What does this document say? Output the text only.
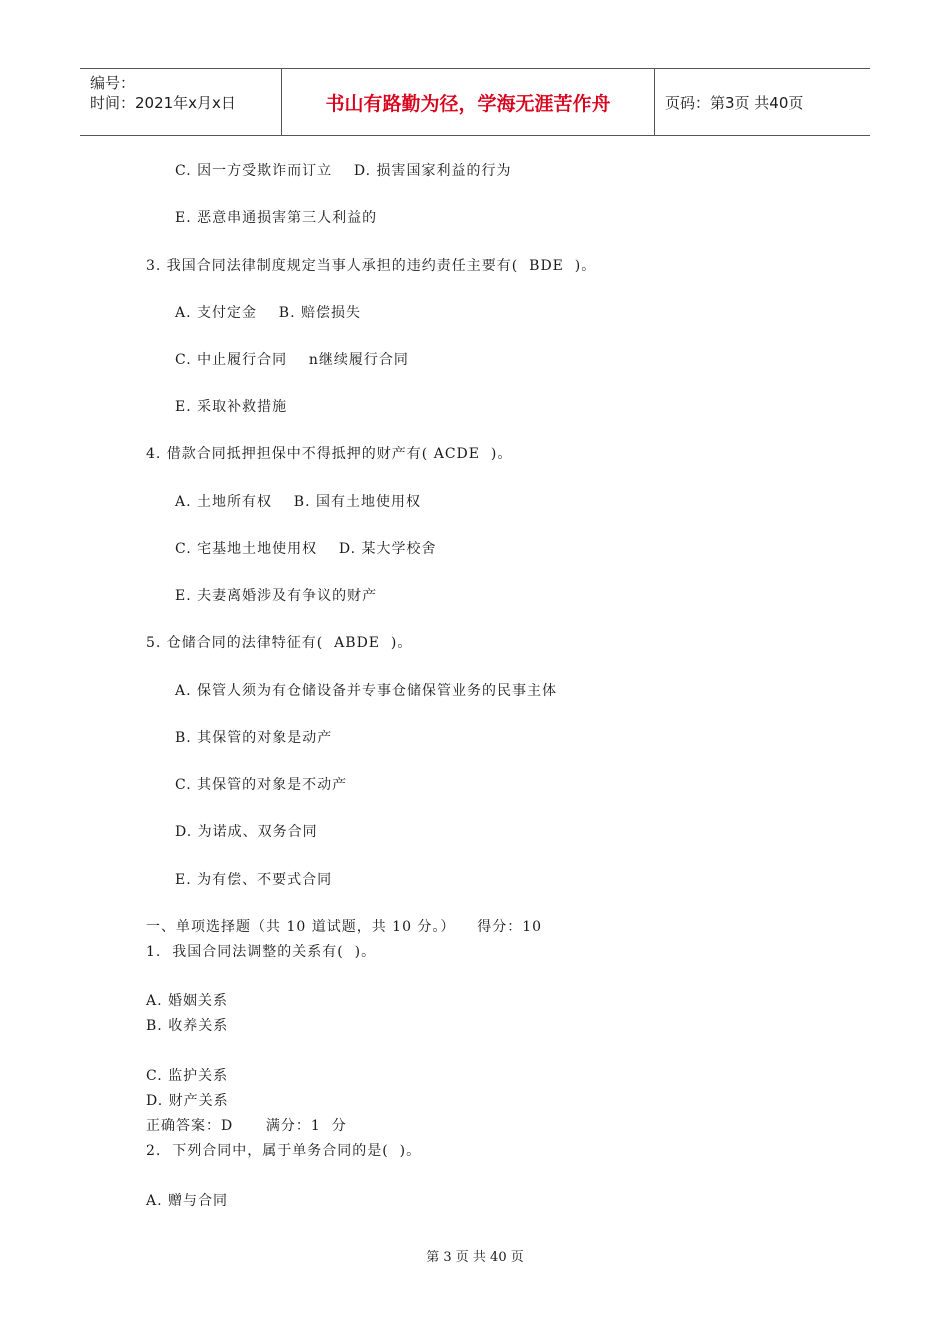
编号：
时间：2021年x月x日	书山有路勤为径，学海无涯苦作舟	页码：第3页 共40页
C. 因一方受欺诈而订立    D. 损害国家利益的行为
E. 恶意串通损害第三人利益的
3. 我国合同法律制度规定当事人承担的违约责任主要有(  BDE  )。
A. 支付定金    B. 赔偿损失
C. 中止履行合同    n继续履行合同
E. 采取补救措施
4. 借款合同抵押担保中不得抵押的财产有( ACDE  )。
A. 土地所有权    B. 国有土地使用权
C. 宅基地土地使用权    D. 某大学校舍
E. 夫妻离婚涉及有争议的财产
5. 仓储合同的法律特征有(  ABDE  )。
A. 保管人须为有仓储设备并专事仓储保管业务的民事主体
B. 其保管的对象是动产
C. 其保管的对象是不动产
D. 为诺成、双务合同
E. 为有偿、不要式合同
一、单项选择题（共 10 道试题，共 10 分。）    得分：10
1.  我国合同法调整的关系有(  )。
A. 婚姻关系
B. 收养关系
C. 监护关系
D. 财产关系
正确答案：D      满分：1  分
2.  下列合同中，属于单务合同的是(  )。
A. 赠与合同
第 3 页 共 40 页
